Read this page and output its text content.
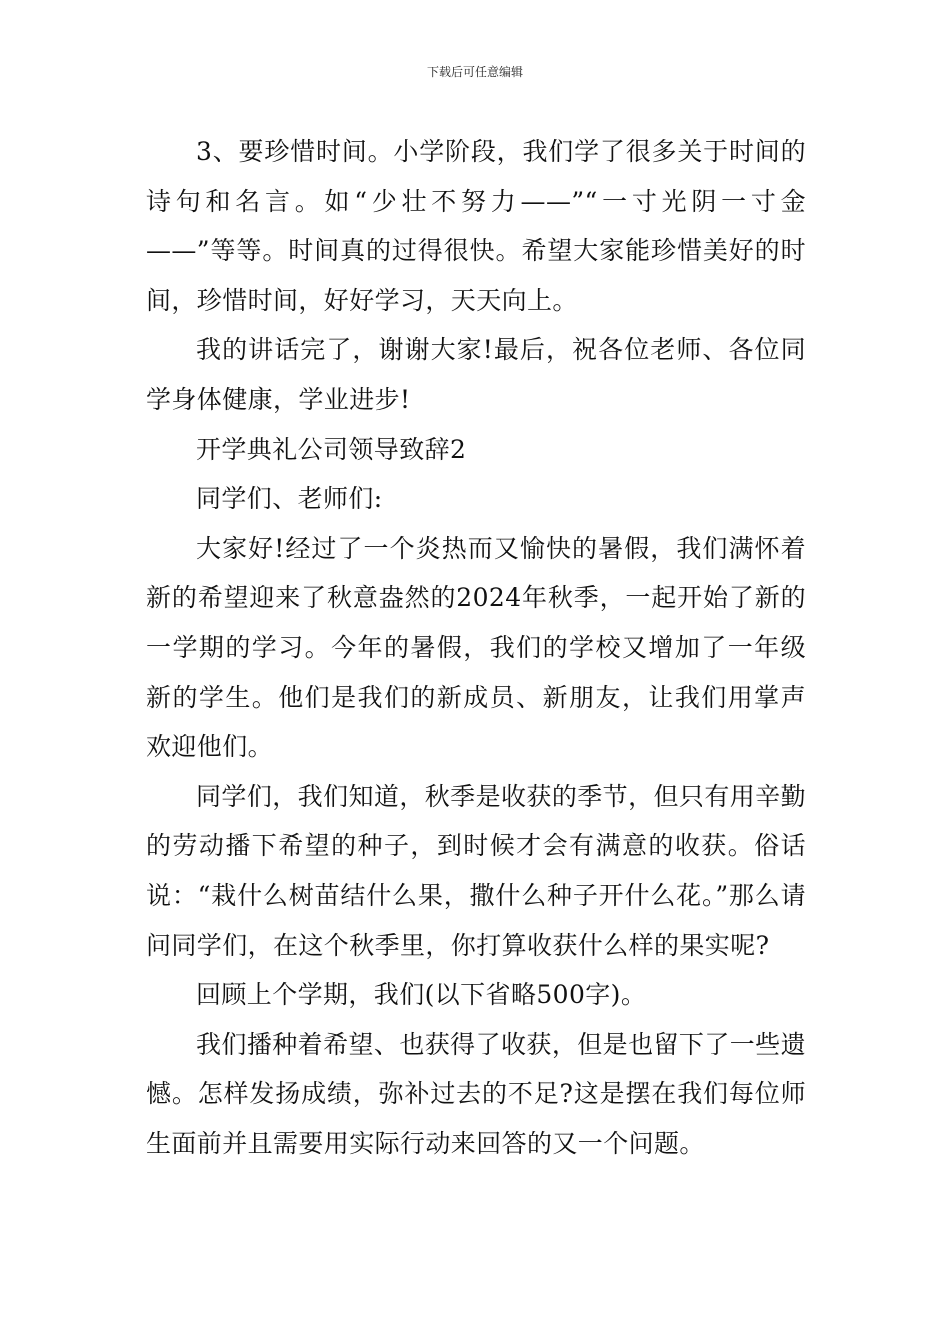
下载后可任意编辑

3、要珍惜时间。小学阶段，我们学了很多关于时间的诗句和名言。如“少壮不努力——”“一寸光阴一寸金——”等等。时间真的过得很快。希望大家能珍惜美好的时间，珍惜时间，好好学习，天天向上。

我的讲话完了，谢谢大家!最后，祝各位老师、各位同学身体健康，学业进步!

开学典礼公司领导致辞2

同学们、老师们:

大家好!经过了一个炎热而又愉快的暑假，我们满怀着新的希望迎来了秋意盎然的2024年秋季，一起开始了新的一学期的学习。今年的暑假，我们的学校又增加了一年级新的学生。他们是我们的新成员、新朋友，让我们用掌声欢迎他们。

同学们，我们知道，秋季是收获的季节，但只有用辛勤的劳动播下希望的种子，到时候才会有满意的收获。俗话说：“栽什么树苗结什么果，撒什么种子开什么花。”那么请问同学们，在这个秋季里，你打算收获什么样的果实呢?

回顾上个学期，我们(以下省略500字)。

我们播种着希望、也获得了收获，但是也留下了一些遗憾。怎样发扬成绩，弥补过去的不足?这是摆在我们每位师生面前并且需要用实际行动来回答的又一个问题。
